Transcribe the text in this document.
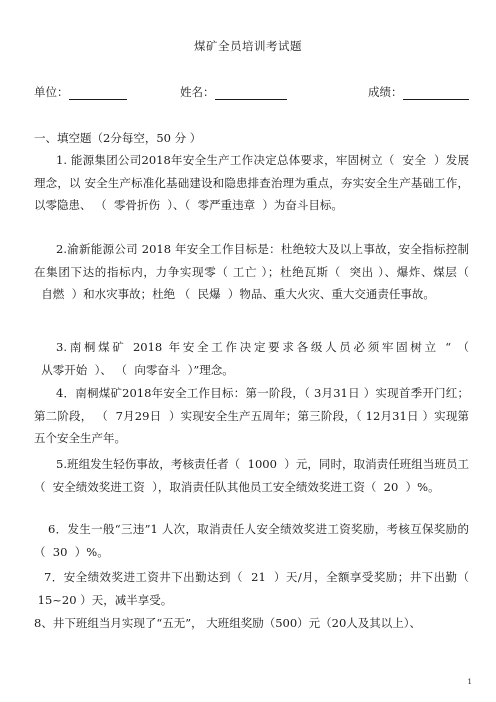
煤矿全员培训考试题
单位：	姓名：	成绩：
一、填空题（2分每空，50 分 ）
1. 能源集团公司2018年安全生产工作决定总体要求，牢固树立（  安全  ）发展理念，以 安全生产标准化基础建设和隐患排查治理为重点，夯实安全生产基础工作，以零隐患、 （  零骨折伤  ）、（  零严重违章  ）为奋斗目标。
2.渝新能源公司 2018 年安全工作目标是：杜绝较大及以上事故，安全指标控制在集团下达的指标内，力争实现零（ 工亡 ）；杜绝瓦斯（  突出 ）、爆炸、煤层（  自燃  ）和水灾事故；杜绝 （  民爆  ）物品、重大火灾、重大交通责任事故。
3.南桐煤矿 2018 年安全工作决定要求各级人员必须牢固树立 “ （  从零开始  ）、 （  向零奋斗  ）”理念。
4．南桐煤矿2018年安全工作目标：第一阶段，（ 3月31日 ）实现首季开门红；第二阶段， （  7月29日  ）实现安全生产五周年；第三阶段，（ 12月31日 ）实现第五个安全生产年。
5.班组发生轻伤事故，考核责任者（  1000  ）元，同时，取消责任班组当班员工 （  安全绩效奖进工资  ），取消责任队其他员工安全绩效奖进工资（  20  ）%。
6．发生一般“三违”1 人次，取消责任人安全绩效奖进工资奖励，考核互保奖励的（  30  ）%。
7．安全绩效奖进工资井下出勤达到（  21  ）天/月，全额享受奖励；井下出勤（ 15~20 ）天，减半享受。
8、井下班组当月实现了“五无”， 大班组奖励（500）元（20人及其以上）、
1
